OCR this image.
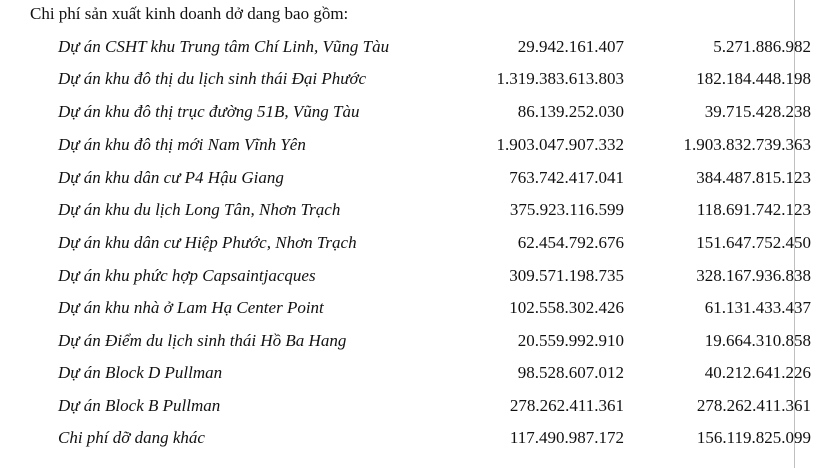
Chi phí sản xuất kinh doanh dở dang bao gồm:
Dự án CSHT khu Trung tâm Chí Linh, Vũng Tàu	29.942.161.407	5.271.886.982
Dự án khu đô thị du lịch sinh thái Đại Phước	1.319.383.613.803	182.184.448.198
Dự án khu đô thị trục đường 51B, Vũng Tàu	86.139.252.030	39.715.428.238
Dự án khu đô thị mới Nam Vĩnh Yên	1.903.047.907.332	1.903.832.739.363
Dự án khu dân cư P4 Hậu Giang	763.742.417.041	384.487.815.123
Dự án khu du lịch Long Tân, Nhơn Trạch	375.923.116.599	118.691.742.123
Dự án khu dân cư Hiệp Phước, Nhơn Trạch	62.454.792.676	151.647.752.450
Dự án khu phức hợp Capsaintjacques	309.571.198.735	328.167.936.838
Dự án khu nhà ở Lam Hạ Center Point	102.558.302.426	61.131.433.437
Dự án Điểm du lịch sinh thái Hồ Ba Hang	20.559.992.910	19.664.310.858
Dự án Block D Pullman	98.528.607.012	40.212.641.226
Dự án Block B Pullman	278.262.411.361	278.262.411.361
Chi phí dỡ dang khác	117.490.987.172	156.119.825.099
